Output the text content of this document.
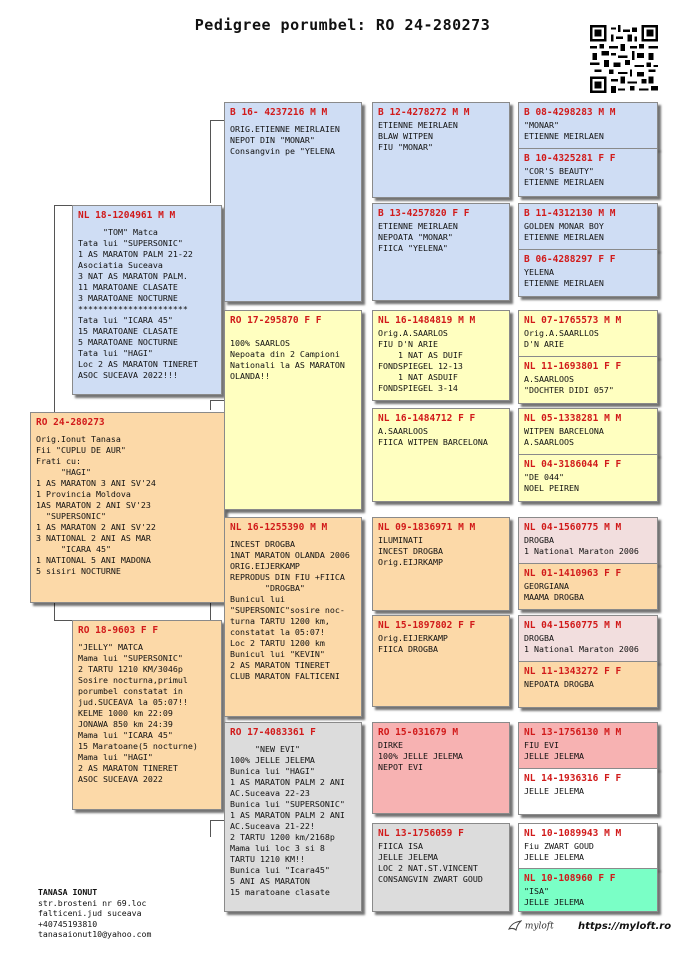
Pedigree porumbel: RO 24-280273
RO 24-280273
Orig.Ionut Tanasa
Fii "CUPLU DE AUR"
Frati cu:
"HAGI"
1 AS MARATON 3 ANI SV'24
1 Provincia Moldova
1AS MARATON 2 ANI SV'23
"SUPERSONIC"
1 AS MARATON 2 ANI SV'22
3 NATIONAL 2 ANI AS MAR
"ICARA 45"
1 NATIONAL 5 ANI MADONA
5 sisiri NOCTURNE
NL 18-1204961 M M
"TOM" Matca
Tata lui "SUPERSONIC"
1 AS MARATON PALM 21-22
Asociatia Suceava
3 NAT AS MARATON PALM.
11 MARATOANE CLASATE
3 MARATOANE NOCTURNE
**********************
Tata lui "ICARA 45"
15 MARATOANE CLASATE
5 MARATOANE NOCTURNE
Tata lui "HAGI"
Loc 2 AS MARATON TINERET
ASOC SUCEAVA 2022!!!
RO 18-9603 F F
"JELLY" MATCA
Mama lui "SUPERSONIC"
2 TARTU 1210 KM/3046p
Sosire nocturna,primul
porumbel constatat in
jud.SUCEAVA la 05:07!!
KELME 1000 km 22:09
JONAWA 850 km 24:39
Mama lui "ICARA 45"
15 Maratoane(5 nocturne)
Mama lui "HAGI"
2 AS MARATON TINERET
ASOC SUCEAVA 2022
B 16- 4237216 M M
ORIG.ETIENNE MEIRLAIEN
NEPOT DIN "MONAR"
Consangvin pe "YELENA
RO 17-295870 F F
100% SAARLOS
Nepoata din 2 Campioni
Nationali la AS MARATON
OLANDA!!
NL 16-1255390 M M
INCEST DROGBA
1NAT MARATON OLANDA 2006
ORIG.EIJERKAMP
REPRODUS DIN FIU +FIICA
"DROGBA"
Bunicul lui
"SUPERSONIC"sosire noc-
turna TARTU 1200 km,
constatat la 05:07!
Loc 2 TARTU 1200 km
Bunicul lui "KEVIN"
2 AS MARATON TINERET
CLUB MARATON FALTICENI
RO 17-4083361 F
"NEW EVI"
100% JELLE JELEMA
Bunica lui "HAGI"
1 AS MARATON PALM 2 ANI
AC.Suceava 22-23
Bunica lui "SUPERSONIC"
1 AS MARATON PALM 2 ANI
AC.Suceava 21-22!
2 TARTU 1200 km/2168p
Mama lui loc 3 si 8
TARTU 1210 KM!!
Bunica lui "Icara45"
5 ANI AS MARATON
15 maratoane clasate
B 12-4278272 M M
ETIENNE MEIRLAEN
BLAW WITPEN
FIU "MONAR"
B 13-4257820 F F
ETIENNE MEIRLAEN
NEPOATA "MONAR"
FIICA "YELENA"
NL 16-1484819 M M
Orig.A.SAARLOS
FIU D'N ARIE
1 NAT AS DUIF
FONDSPIEGEL 12-13
1 NAT ASDUIF
FONDSPIEGEL 3-14
NL 16-1484712 F F
A.SAARLOOS
FIICA WITPEN BARCELONA
NL 09-1836971 M M
ILUMINATI
INCEST DROGBA
Orig.EIJRKAMP
NL 15-1897802 F F
Orig.EIJERKAMP
FIICA DROGBA
RO 15-031679 M
DIRKE
100% JELLE JELEMA
NEPOT EVI
NL 13-1756059 F
FIICA ISA
JELLE JELEMA
LOC 2 NAT.ST.VINCENT
CONSANGVIN ZWART GOUD
B 08-4298283 M M
"MONAR"
ETIENNE MEIRLAEN
B 10-4325281 F F
"COR'S BEAUTY"
ETIENNE MEIRLAEN
B 11-4312130 M M
GOLDEN MONAR BOY
ETIENNE MEIRLAEN
B 06-4288297 F F
YELENA
ETIENNE MEIRLAEN
NL 07-1765573 M M
Orig.A.SAARLLOS
D'N ARIE
NL 11-1693801 F F
A.SAARLOOS
"DOCHTER DIDI 057"
NL 05-1338281 M M
WITPEN BARCELONA
A.SAARLOOS
NL 04-3186044 F F
"DE 044"
NOEL PEIREN
NL 04-1560775 M M
DROGBA
1 National Maraton 2006
NL 01-1410963 F F
GEORGIANA
MAAMA DROGBA
NL 04-1560775 M M
DROGBA
1 National Maraton 2006
NL 11-1343272 F F
NEPOATA DROGBA
NL 13-1756130 M M
FIU EVI
JELLE JELEMA
NL 14-1936316 F F
JELLE JELEMA
NL 10-1089943 M M
Fiu ZWART GOUD
JELLE JELEMA
NL 10-108960 F F
"ISA"
JELLE JELEMA
TANASA IONUT
str.brosteni nr 69.loc
falticeni.jud suceava
+40745193810
tanasaionut10@yahoo.com
myloft https://myloft.ro
